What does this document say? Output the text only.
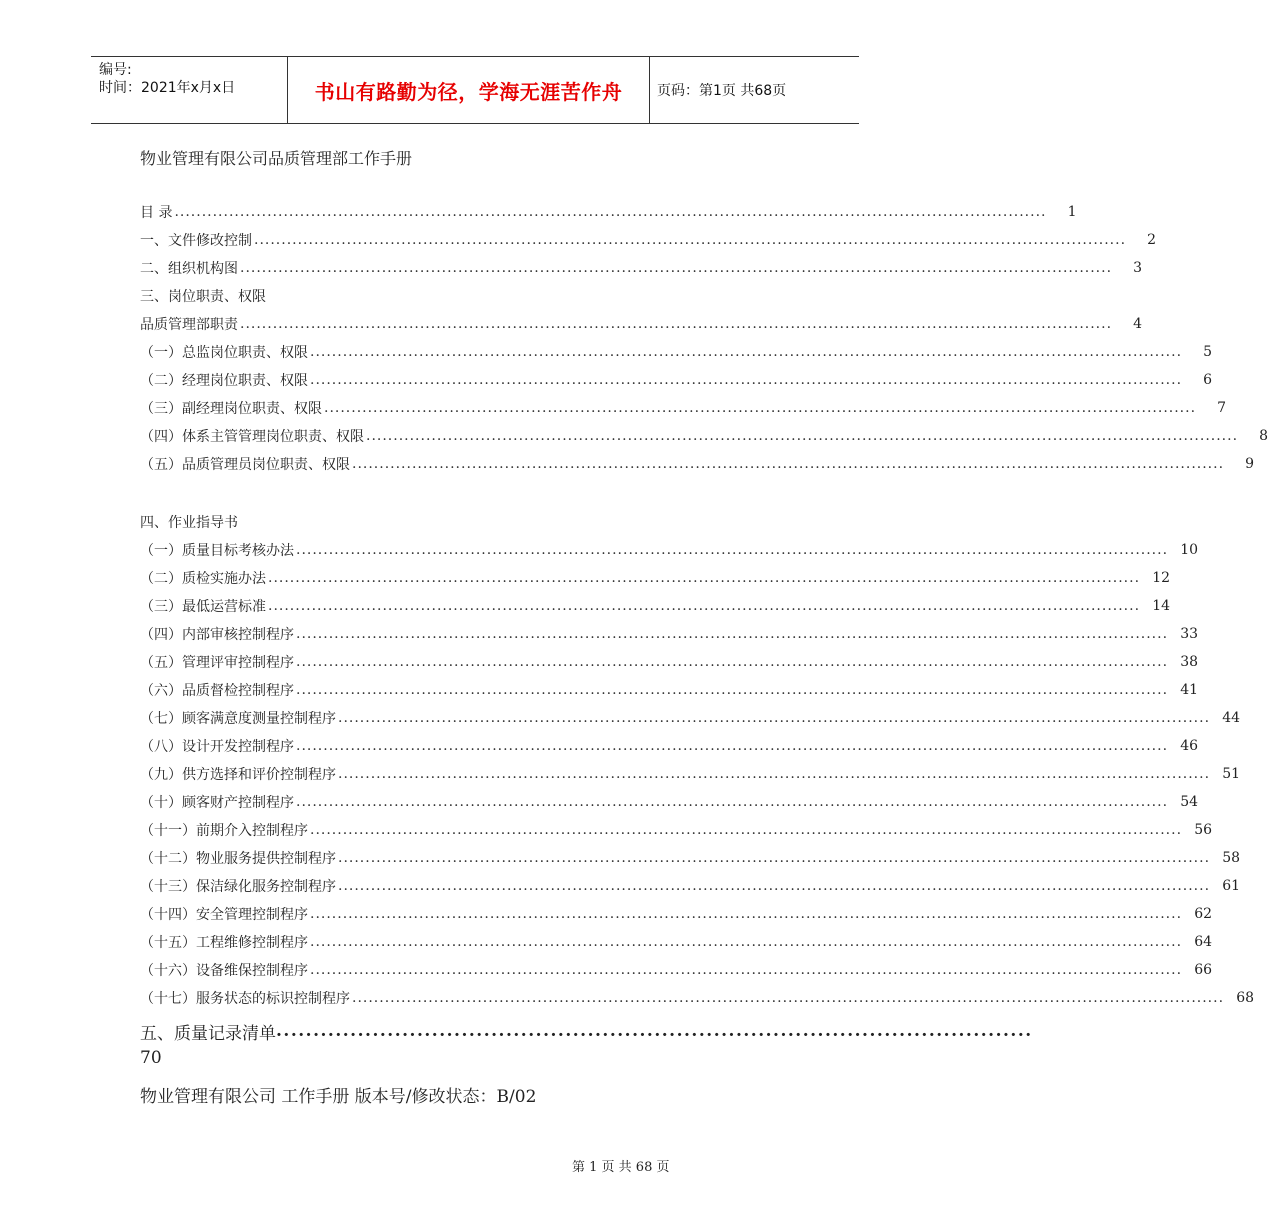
编号:
时间：2021年x月x日	书山有路勤为径，学海无涯苦作舟	页码：第1页 共68页
物业管理有限公司品质管理部工作手册
目 录 ................................................................................................................................................................	1
一、文件修改控制 ................................................................................................................................................................	2
二、组织机构图 ................................................................................................................................................................	3
三、岗位职责、权限
品质管理部职责 ................................................................................................................................................................	4
（一）总监岗位职责、权限 ................................................................................................................................................................	5
（二）经理岗位职责、权限 ................................................................................................................................................................	6
（三）副经理岗位职责、权限 ................................................................................................................................................................	7
（四）体系主管管理岗位职责、权限 ................................................................................................................................................................	8
（五）品质管理员岗位职责、权限 ................................................................................................................................................................	9
四、作业指导书
（一）质量目标考核办法 ................................................................................................................................................................ 10
（二）质检实施办法 ................................................................................................................................................................ 12
（三）最低运营标准 ................................................................................................................................................................ 14
（四）内部审核控制程序 ................................................................................................................................................................ 33
（五）管理评审控制程序 ................................................................................................................................................................ 38
（六）品质督检控制程序 ................................................................................................................................................................ 41
（七）顾客满意度测量控制程序 ................................................................................................................................................................ 44
（八）设计开发控制程序 ................................................................................................................................................................ 46
（九）供方选择和评价控制程序 ................................................................................................................................................................ 51
（十）顾客财产控制程序 ................................................................................................................................................................ 54
（十一）前期介入控制程序 ................................................................................................................................................................ 56
（十二）物业服务提供控制程序 ................................................................................................................................................................ 58
（十三）保洁绿化服务控制程序 ................................................................................................................................................................ 61
（十四）安全管理控制程序 ................................................................................................................................................................ 62
（十五）工程维修控制程序 ................................................................................................................................................................ 64
（十六）设备维保控制程序 ................................................................................................................................................................ 66
（十七）服务状态的标识控制程序 ................................................................................................................................................................ 68
五、质量记录清单 ......................................................................................................
70
物业管理有限公司 工作手册 版本号/修改状态：B/02
第 1 页 共 68 页
